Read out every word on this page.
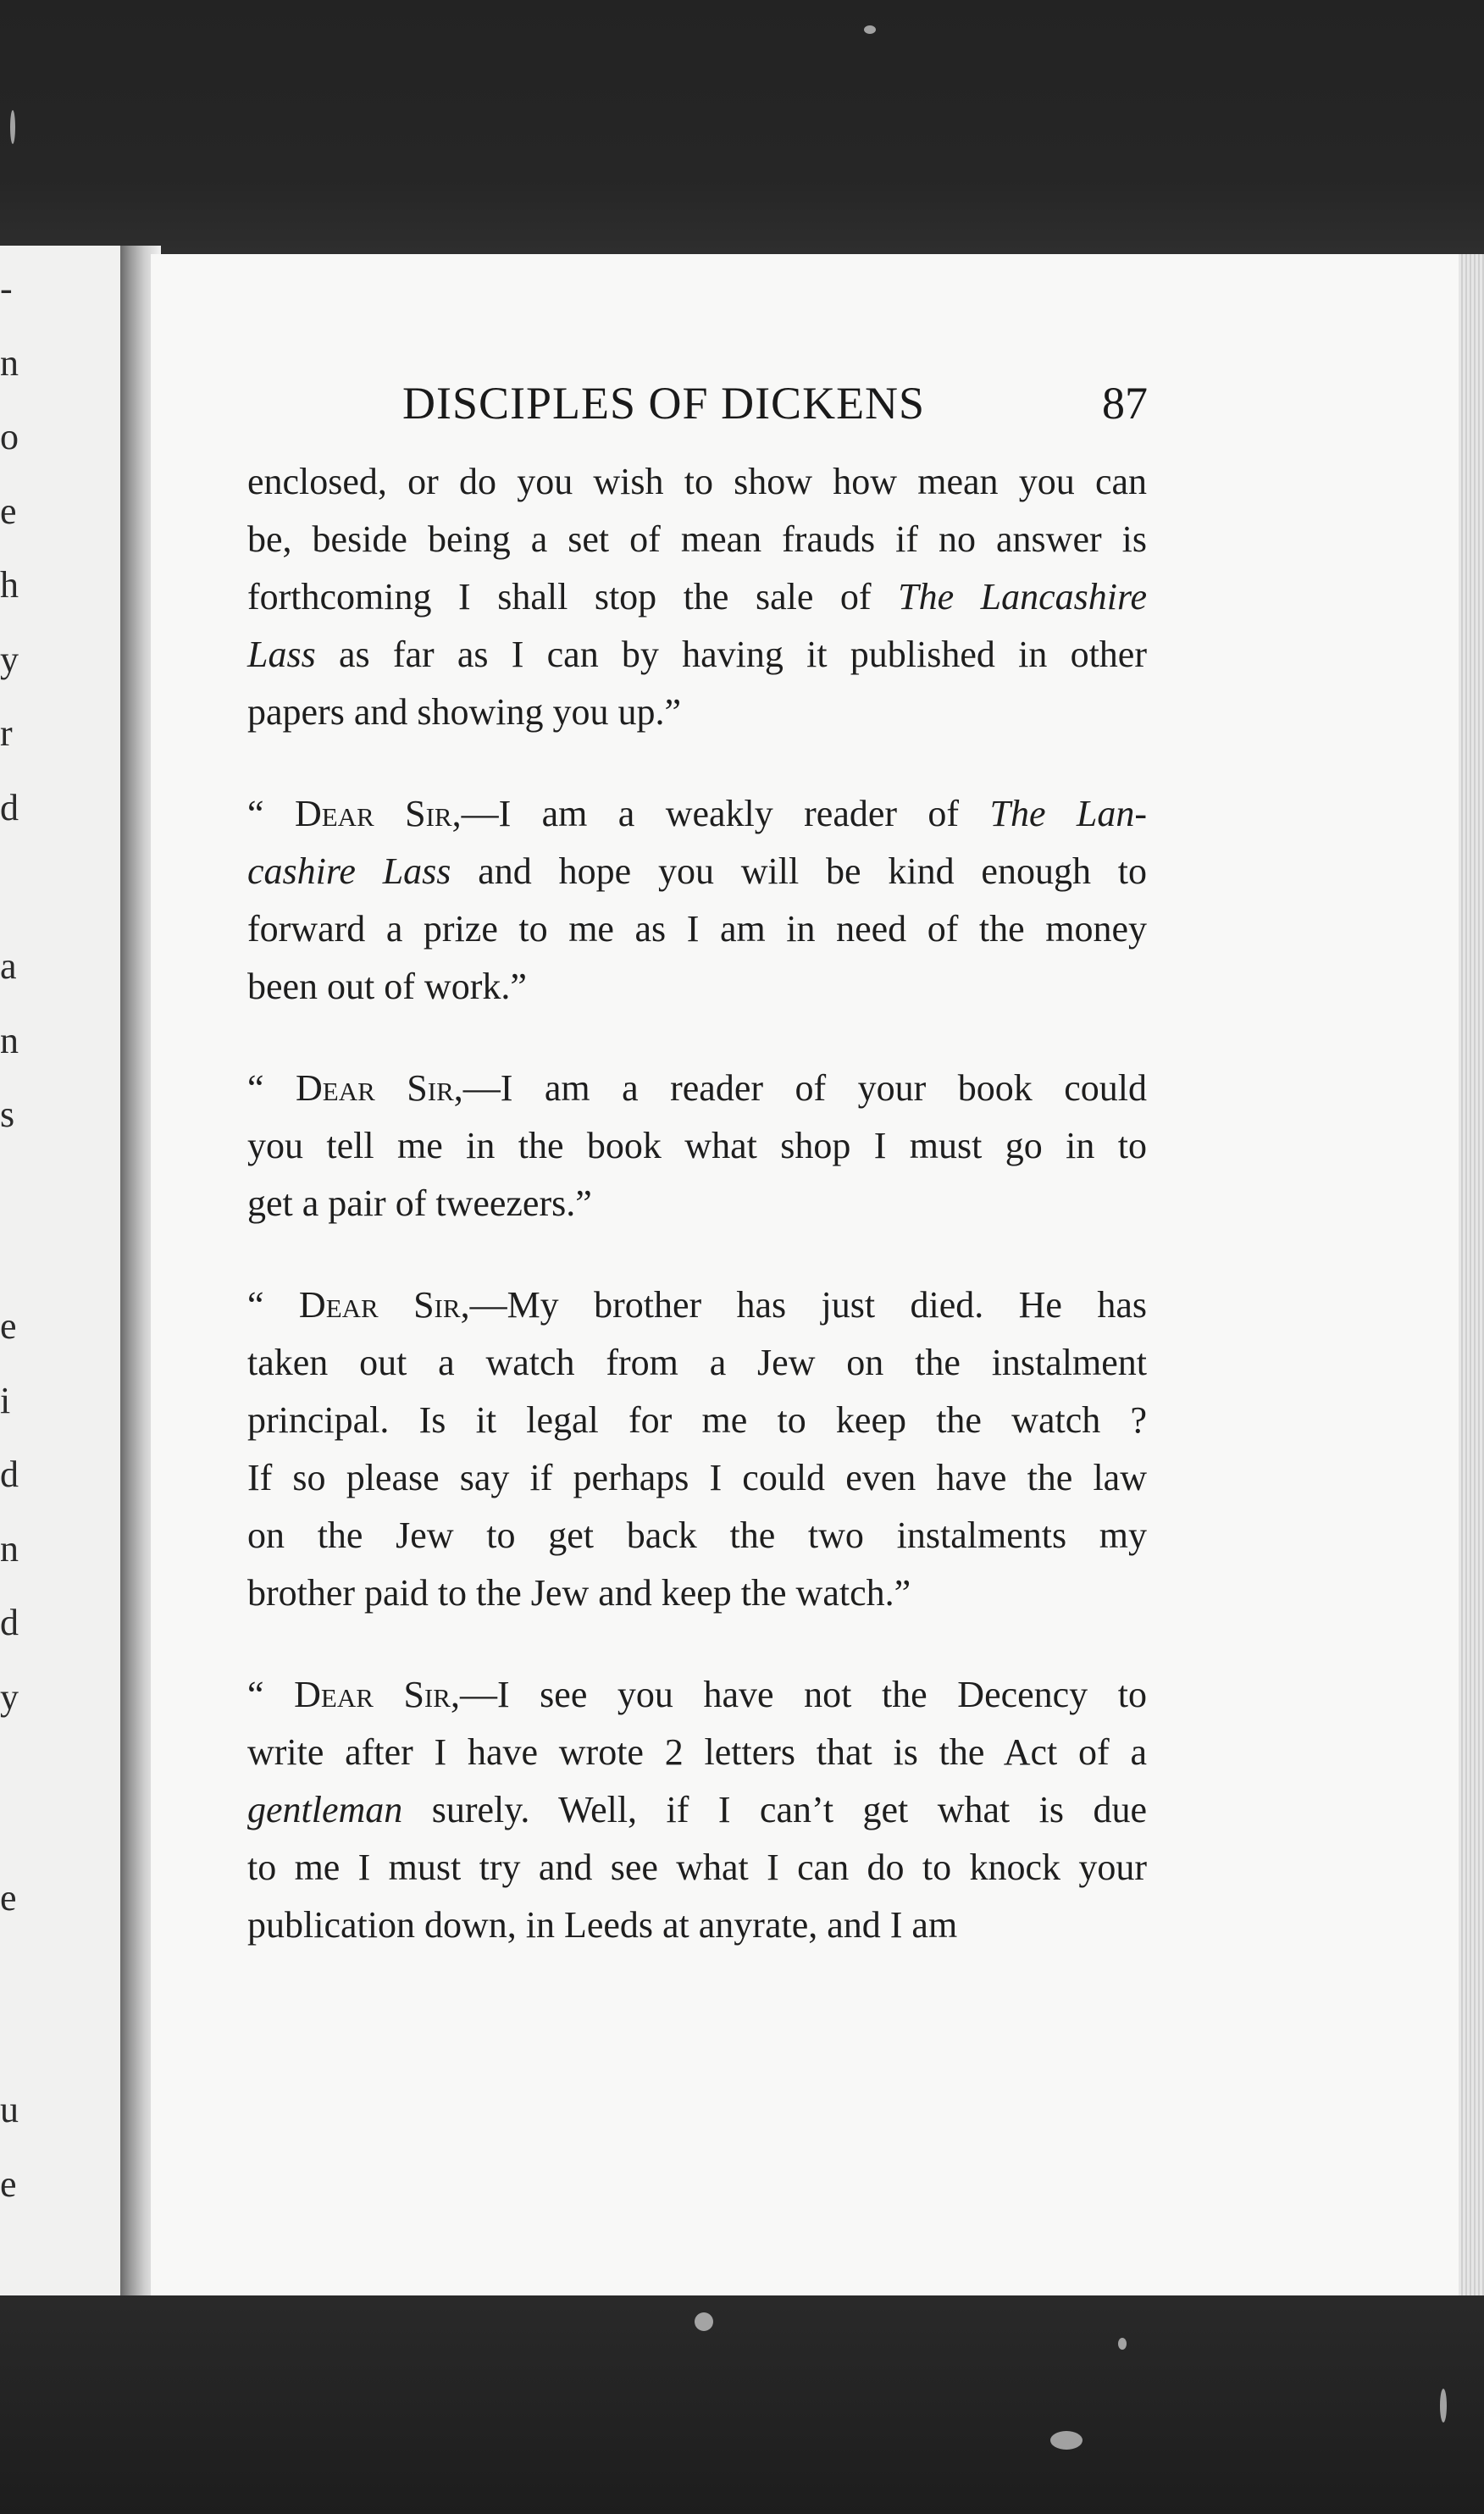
-
n
o
e
h
y
r
d
a
n
s
e
i
d
n
d
y
e
u
e
DISCIPLES OF DICKENS	87
enclosed, or do you wish to show how mean you can
be, beside being a set of mean frauds if no answer is
forthcoming I shall stop the sale of The Lancashire
Lass as far as I can by having it published in other
papers and showing you up.”
“ Dear Sir,—I am a weakly reader of The Lan-
cashire Lass and hope you will be kind enough to
forward a prize to me as I am in need of the money
been out of work.”
“ Dear Sir,—I am a reader of your book could
you tell me in the book what shop I must go in to
get a pair of tweezers.”
“ Dear Sir,—My brother has just died. He has
taken out a watch from a Jew on the instalment
principal. Is it legal for me to keep the watch ?
If so please say if perhaps I could even have the law
on the Jew to get back the two instalments my
brother paid to the Jew and keep the watch.”
“ Dear Sir,—I see you have not the Decency to
write after I have wrote 2 letters that is the Act of a
gentleman surely. Well, if I can’t get what is due
to me I must try and see what I can do to knock your
publication down, in Leeds at anyrate, and I am
